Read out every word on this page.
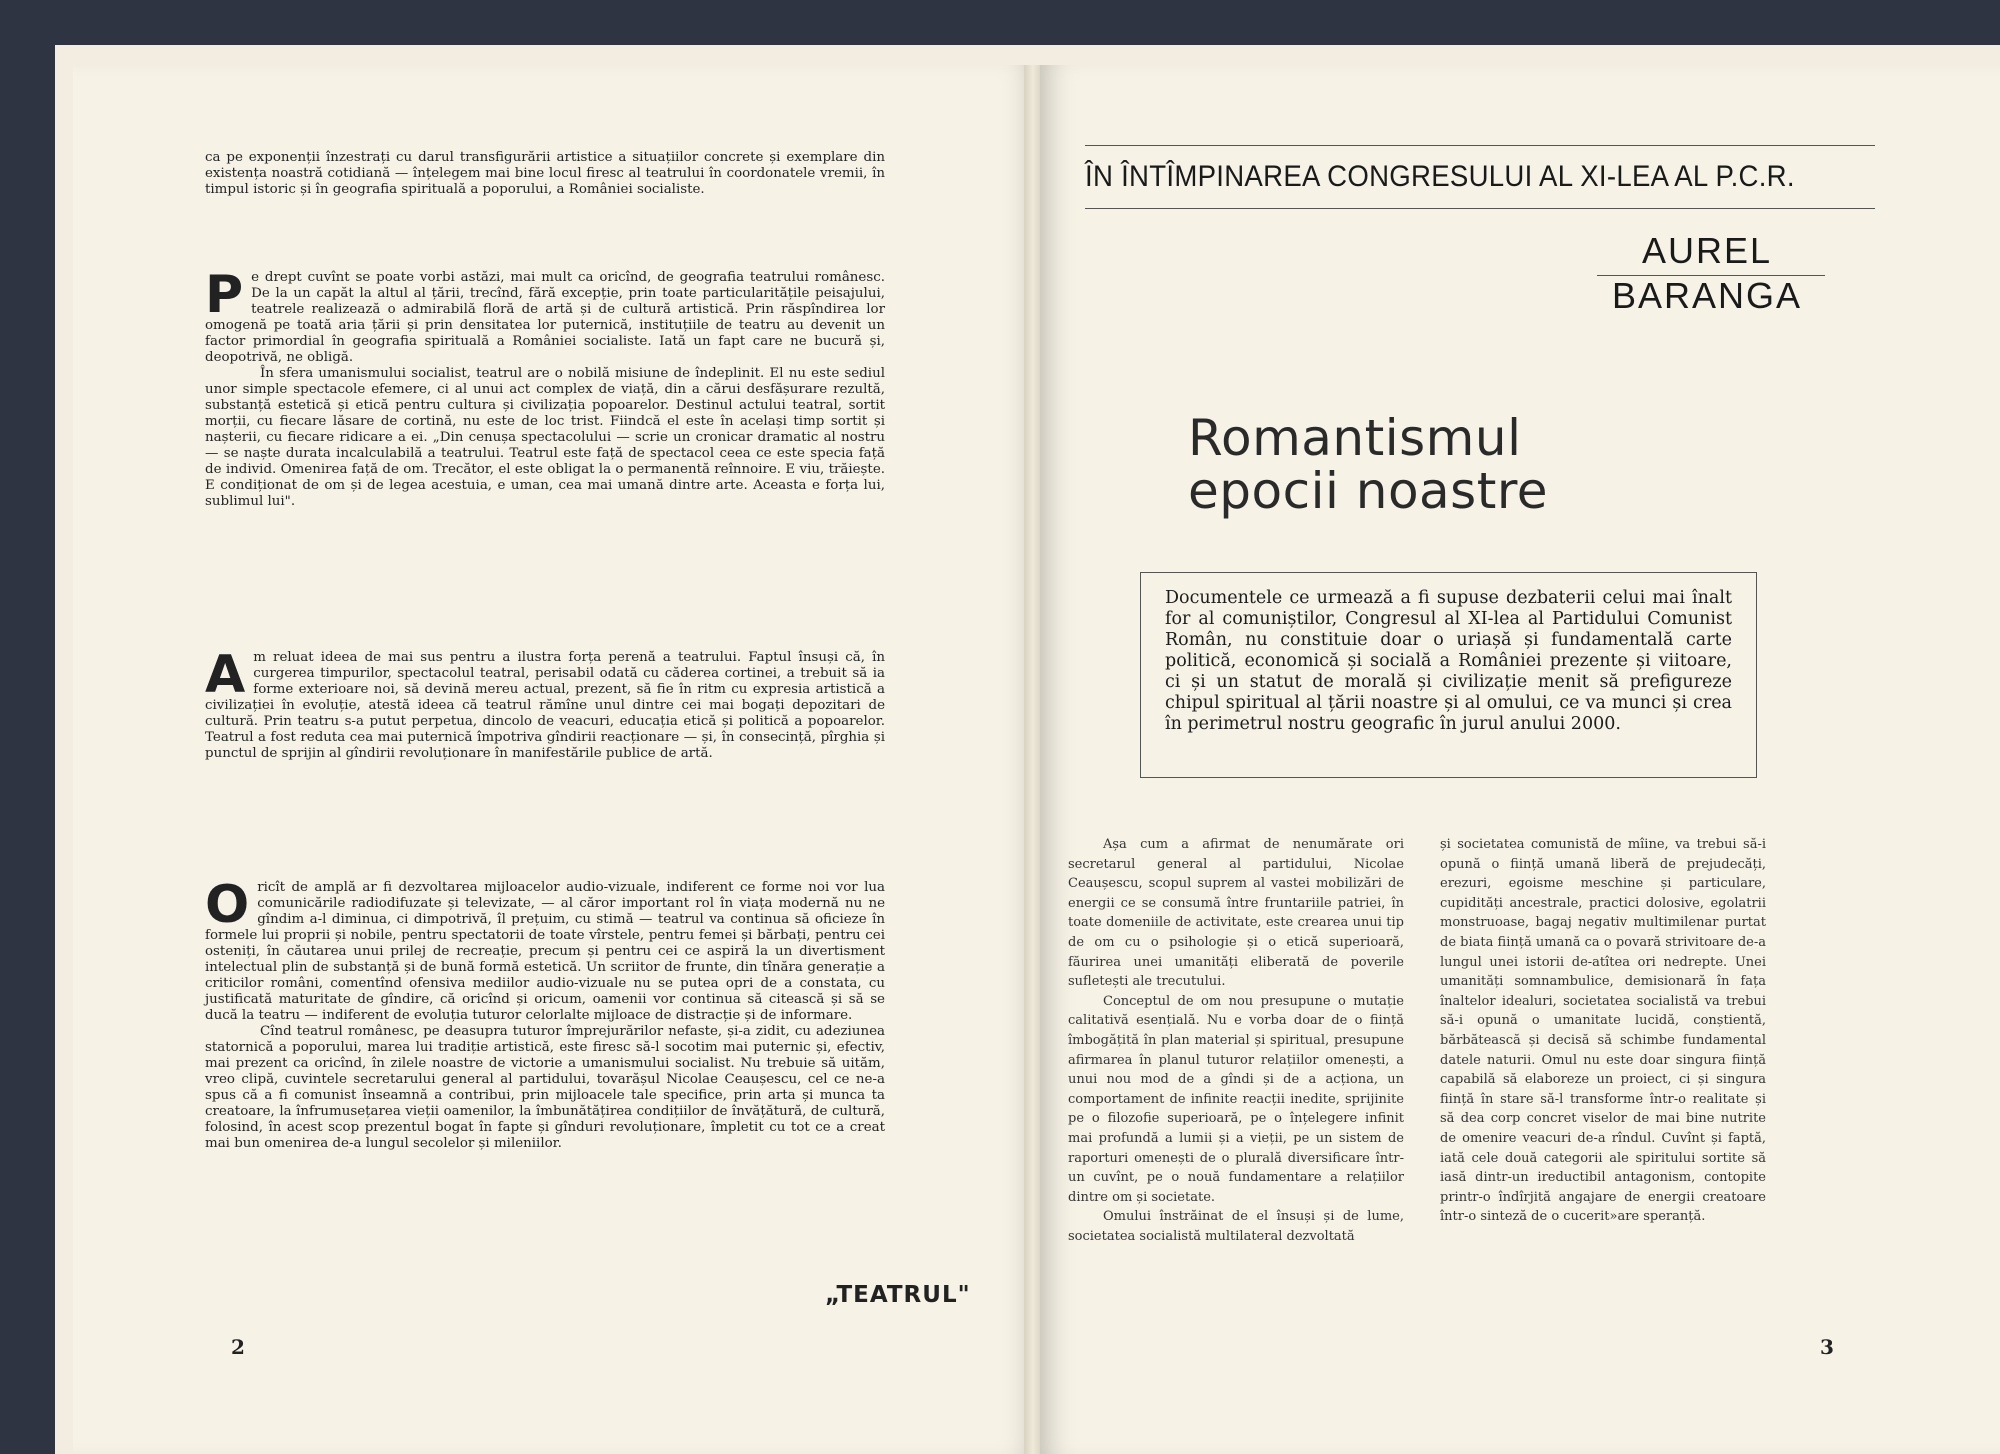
ca pe exponenții înzestrați cu darul transfigurării artistice a situațiilor concrete și exemplare din existența noastră cotidiană — înțelegem mai bine locul firesc al teatrului în coordonatele vremii, în timpul istoric și în geografia spirituală a poporului, a României socialiste.

Pe drept cuvînt se poate vorbi astăzi, mai mult ca oricînd, de geografia teatrului românesc. De la un capăt la altul al țării, trecînd, fără excepție, prin toate particularitățile peisajului, teatrele realizează o admirabilă floră de artă și de cultură artistică. Prin răspîndirea lor omogenă pe toată aria țării și prin densitatea lor puternică, instituțiile de teatru au devenit un factor primordial în geografia spirituală a României socialiste. Iată un fapt care ne bucură și, deopotrivă, ne obligă.

În sfera umanismului socialist, teatrul are o nobilă misiune de îndeplinit. El nu este sediul unor simple spectacole efemere, ci al unui act complex de viață, din a cărui desfășurare rezultă, substanță estetică și etică pentru cultura și civilizația popoarelor. Destinul actului teatral, sortit morții, cu fiecare lăsare de cortină, nu este de loc trist. Fiindcă el este în același timp sortit și nașterii, cu fiecare ridicare a ei. „Din cenușa spectacolului — scrie un cronicar dramatic al nostru — se naște durata incalculabilă a teatrului. Teatrul este față de spectacol ceea ce este specia față de individ. Omenirea față de om. Trecător, el este obligat la o permanentă reînnoire. E viu, trăiește. E condiționat de om și de legea acestuia, e uman, cea mai umană dintre arte. Aceasta e forța lui, sublimul lui".

Am reluat ideea de mai sus pentru a ilustra forța perenă a teatrului. Faptul însuși că, în curgerea timpurilor, spectacolul teatral, perisabil odată cu căderea cortinei, a trebuit să ia forme exterioare noi, să devină mereu actual, prezent, să fie în ritm cu expresia artistică a civilizației în evoluție, atestă ideea că teatrul rămîne unul dintre cei mai bogați depozitari de cultură. Prin teatru s-a putut perpetua, dincolo de veacuri, educația etică și politică a popoarelor. Teatrul a fost reduta cea mai puternică împotriva gîndirii reacționare — și, în consecință, pîrghia și punctul de sprijin al gîndirii revoluționare în manifestările publice de artă.

Oricît de amplă ar fi dezvoltarea mijloacelor audio-vizuale, indiferent ce forme noi vor lua comunicările radiodifuzate și televizate, — al căror important rol în viața modernă nu ne gîndim a-l diminua, ci dimpotrivă, îl prețuim, cu stimă — teatrul va continua să oficieze în formele lui proprii și nobile, pentru spectatorii de toate vîrstele, pentru femei și bărbați, pentru cei osteniți, în căutarea unui prilej de recreație, precum și pentru cei ce aspiră la un divertisment intelectual plin de substanță și de bună formă estetică. Un scriitor de frunte, din tînăra generație a criticilor români, comentînd ofensiva mediilor audio-vizuale nu se putea opri de a constata, cu justificată maturitate de gîndire, că oricînd și oricum, oamenii vor continua să citească și să se ducă la teatru — indiferent de evoluția tuturor celorlalte mijloace de distracție și de informare.

Cînd teatrul românesc, pe deasupra tuturor împrejurărilor nefaste, și-a zidit, cu adeziunea statornică a poporului, marea lui tradiție artistică, este firesc să-l socotim mai puternic și, efectiv, mai prezent ca oricînd, în zilele noastre de victorie a umanismului socialist. Nu trebuie să uităm, vreo clipă, cuvintele secretarului general al partidului, tovarășul Nicolae Ceaușescu, cel ce ne-a spus că a fi comunist înseamnă a contribui, prin mijloacele tale specifice, prin arta și munca ta creatoare, la înfrumusețarea vieții oamenilor, la îmbunătățirea condițiilor de învățătură, de cultură, folosind, în acest scop prezentul bogat în fapte și gînduri revoluționare, împletit cu tot ce a creat mai bun omenirea de-a lungul secolelor și mileniilor.

„TEATRUL"
2
ÎN ÎNTÎMPINAREA CONGRESULUI AL XI-LEA AL P.C.R.
AUREL
BARANGA
Romantismul
epocii noastre
Documentele ce urmează a fi supuse dezbaterii celui mai înalt for al comuniștilor, Congresul al XI-lea al Partidului Comunist Român, nu constituie doar o uriașă și fundamentală carte politică, economică și socială a României prezente și viitoare, ci și un statut de morală și civilizație menit să prefigureze chipul spiritual al țării noastre și al omului, ce va munci și crea în perimetrul nostru geografic în jurul anului 2000.

Așa cum a afirmat de nenumărate ori secretarul general al partidului, Nicolae Ceaușescu, scopul suprem al vastei mobilizări de energii ce se consumă între fruntariile patriei, în toate domeniile de activitate, este crearea unui tip de om cu o psihologie și o etică superioară, făurirea unei umanități eliberată de poverile sufletești ale trecutului.

Conceptul de om nou presupune o mutație calitativă esențială. Nu e vorba doar de o ființă îmbogățită în plan material și spiritual, presupune afirmarea în planul tuturor relațiilor omenești, a unui nou mod de a gîndi și de a acționa, un comportament de infinite reacții inedite, sprijinite pe o filozofie superioară, pe o înțelegere infinit mai profundă a lumii și a vieții, pe un sistem de raporturi omenești de o plurală diversificare într-un cuvînt, pe o nouă fundamentare a relațiilor dintre om și societate.

Omului înstrăinat de el însuși și de lume, societatea socialistă multilateral dezvoltată

și societatea comunistă de mîine, va trebui să-i opună o ființă umană liberă de prejudecăți, erezuri, egoisme meschine și particulare, cupidități ancestrale, practici dolosive, egolatrii monstruoase, bagaj negativ multimilenar purtat de biata ființă umană ca o povară strivitoare de-a lungul unei istorii de-atîtea ori nedrepte. Unei umanități somnambulice, demisionară în fața înaltelor idealuri, societatea socialistă va trebui să-i opună o umanitate lucidă, conștientă, bărbătească și decisă să schimbe fundamental datele naturii. Omul nu este doar singura ființă capabilă să elaboreze un proiect, ci și singura ființă în stare să-l transforme într-o realitate și să dea corp concret viselor de mai bine nutrite de omenire veacuri de-a rîndul. Cuvînt și faptă, iată cele două categorii ale spiritului sortite să iasă dintr-un ireductibil antagonism, contopite printr-o îndîrjită angajare de energii creatoare într-o sinteză de o cucerit»are speranță.

3
